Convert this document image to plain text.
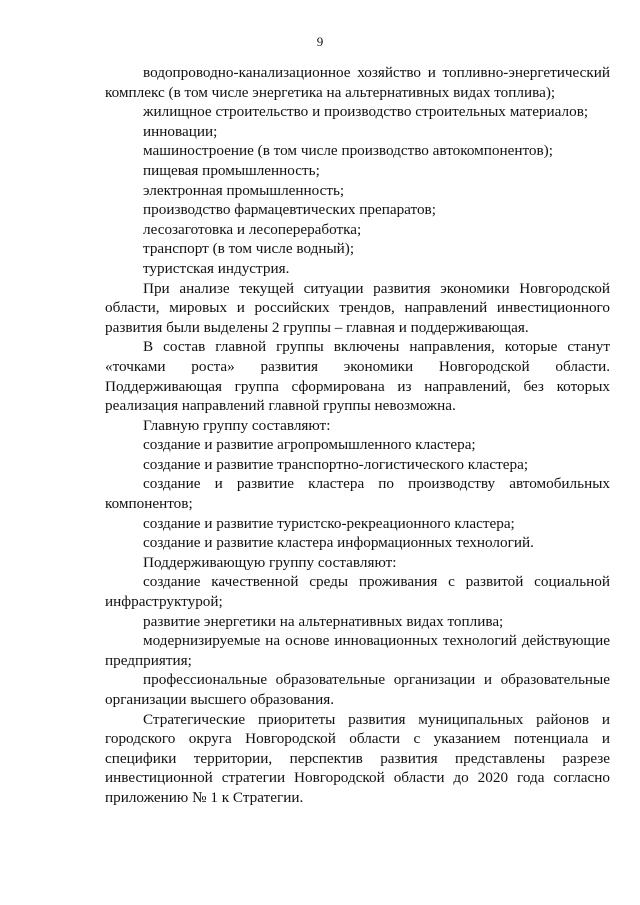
9

водопроводно-канализационное хозяйство и топливно-энергетический комплекс (в том числе энергетика на альтернативных видах топлива);

жилищное строительство и производство строительных материалов;

инновации;

машиностроение (в том числе производство автокомпонентов);

пищевая промышленность;

электронная промышленность;

производство фармацевтических препаратов;

лесозаготовка и лесопереработка;

транспорт (в том числе водный);

туристская индустрия.

При анализе текущей ситуации развития экономики Новгородской области, мировых и российских трендов, направлений инвестиционного развития были выделены 2 группы – главная и поддерживающая.

В состав главной группы включены направления, которые станут «точками роста» развития экономики Новгородской области. Поддерживающая группа сформирована из направлений, без которых реализация направлений главной группы невозможна.

Главную группу составляют:

создание и развитие агропромышленного кластера;

создание и развитие транспортно-логистического кластера;

создание и развитие кластера по производству автомобильных компонентов;

создание и развитие туристско-рекреационного кластера;

создание и развитие кластера информационных технологий.

Поддерживающую группу составляют:

создание качественной среды проживания с развитой социальной инфраструктурой;

развитие энергетики на альтернативных видах топлива;

модернизируемые на основе инновационных технологий действующие предприятия;

профессиональные образовательные организации и образовательные организации высшего образования.

Стратегические приоритеты развития муниципальных районов и городского округа Новгородской области с указанием потенциала и специфики территории, перспектив развития представлены разрезе инвестиционной стратегии Новгородской области до 2020 года согласно приложению № 1 к Стратегии.
